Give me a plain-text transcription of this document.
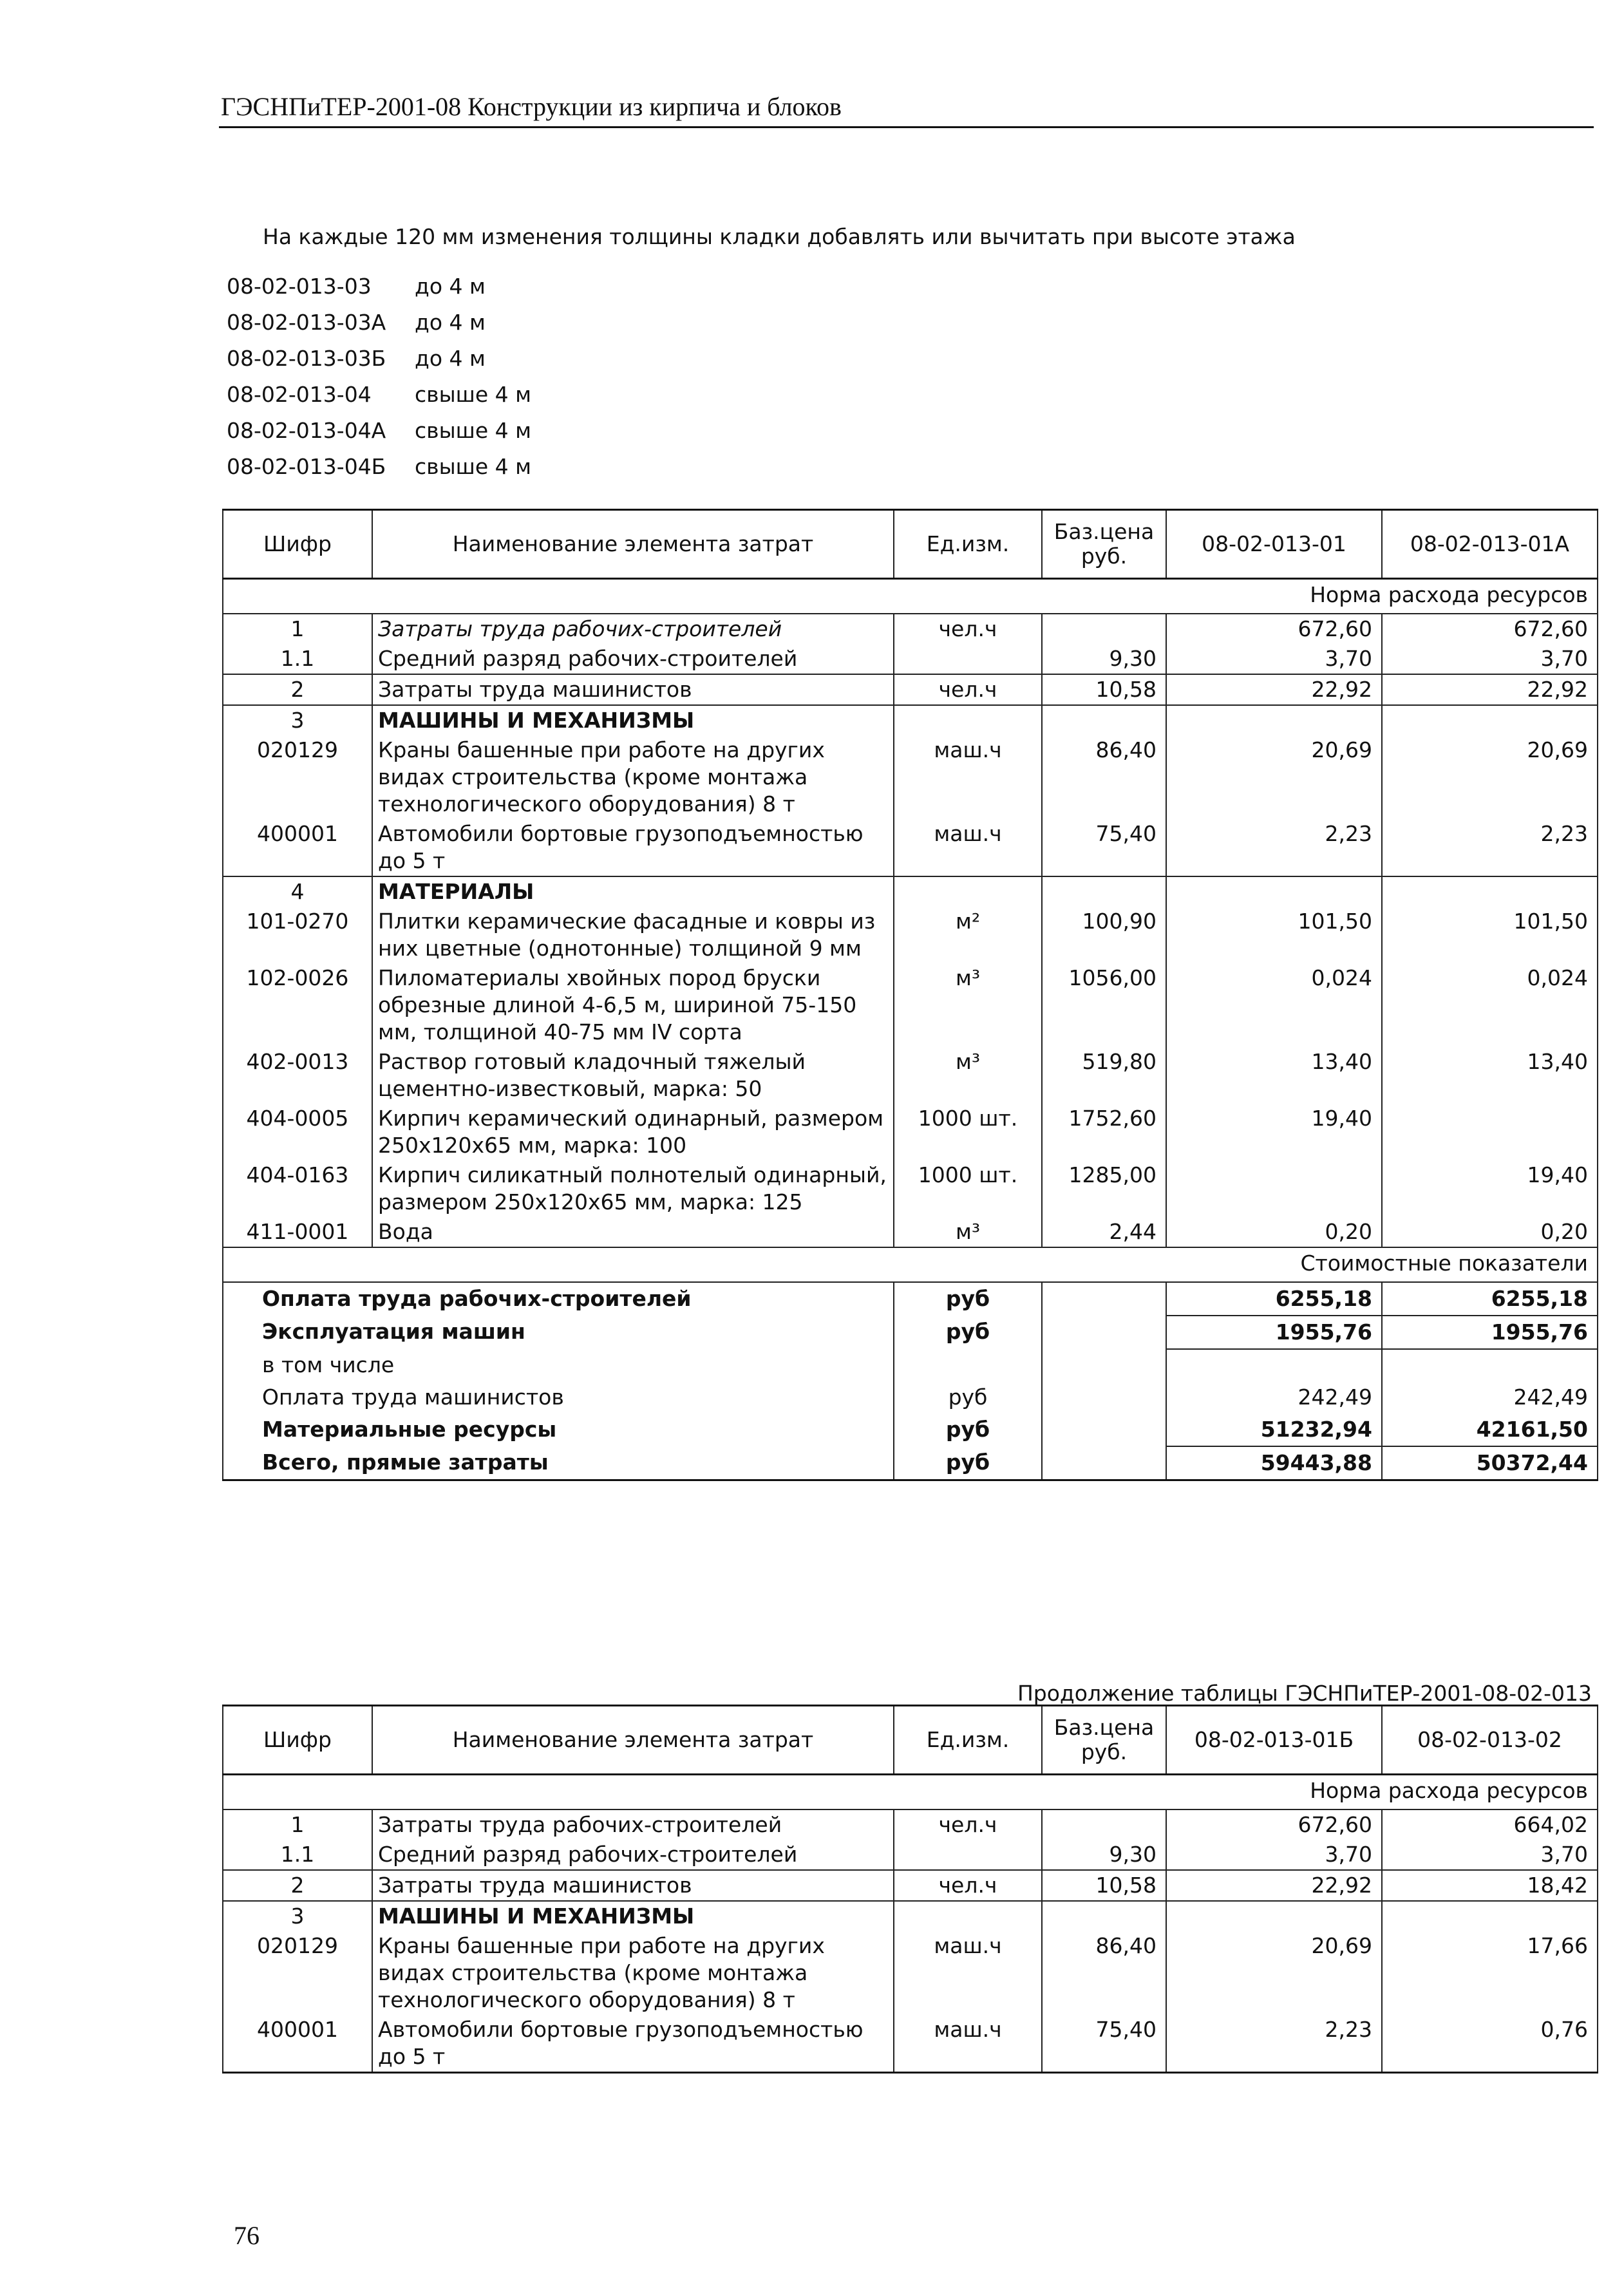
ГЭСНПиТЕР-2001-08 Конструкции из кирпича и блоков
На каждые 120 мм изменения толщины кладки добавлять или вычитать при высоте этажа
08-02-013-03	до 4 м
08-02-013-03А	до 4 м
08-02-013-03Б	до 4 м
08-02-013-04	свыше 4 м
08-02-013-04А	свыше 4 м
08-02-013-04Б	свыше 4 м
Шифр	Наименование элемента затрат	Ед.изм.	Баз.цена руб.	08-02-013-01	08-02-013-01А
Норма расхода ресурсов					
1	Затраты труда рабочих-строителей	чел.ч		672,60	672,60
1.1	Средний разряд рабочих-строителей		9,30	3,70	3,70
2	Затраты труда машинистов	чел.ч	10,58	22,92	22,92
3	МАШИНЫ И МЕХАНИЗМЫ				
020129	Краны башенные при работе на других видах строительства (кроме монтажа технологического оборудования) 8 т	маш.ч	86,40	20,69	20,69
400001	Автомобили бортовые грузоподъемностью до 5 т	маш.ч	75,40	2,23	2,23
4	МАТЕРИАЛЫ				
101-0270	Плитки керамические фасадные и ковры из них цветные (однотонные) толщиной 9 мм	м²	100,90	101,50	101,50
102-0026	Пиломатериалы хвойных пород бруски обрезные длиной 4-6,5 м, шириной 75-150 мм, толщиной 40-75 мм IV сорта	м³	1056,00	0,024	0,024
402-0013	Раствор готовый кладочный тяжелый цементно-известковый, марка: 50	м³	519,80	13,40	13,40
404-0005	Кирпич керамический одинарный, размером 250х120х65 мм, марка: 100	1000 шт.	1752,60	19,40	
404-0163	Кирпич силикатный полнотелый одинарный, размером 250х120х65 мм, марка: 125	1000 шт.	1285,00		19,40
411-0001	Вода	м³	2,44	0,20	0,20
Стоимостные показатели					
Оплата труда рабочих-строителей		руб		6255,18	6255,18
Эксплуатация машин		руб		1955,76	1955,76
в том числе					
Оплата труда машинистов		руб		242,49	242,49
Материальные ресурсы		руб		51232,94	42161,50
Всего, прямые затраты		руб		59443,88	50372,44
Продолжение таблицы ГЭСНПиТЕР-2001-08-02-013
Шифр	Наименование элемента затрат	Ед.изм.	Баз.цена руб.	08-02-013-01Б	08-02-013-02
Норма расхода ресурсов					
1	Затраты труда рабочих-строителей	чел.ч		672,60	664,02
1.1	Средний разряд рабочих-строителей		9,30	3,70	3,70
2	Затраты труда машинистов	чел.ч	10,58	22,92	18,42
3	МАШИНЫ И МЕХАНИЗМЫ				
020129	Краны башенные при работе на других видах строительства (кроме монтажа технологического оборудования) 8 т	маш.ч	86,40	20,69	17,66
400001	Автомобили бортовые грузоподъемностью до 5 т	маш.ч	75,40	2,23	0,76
76
